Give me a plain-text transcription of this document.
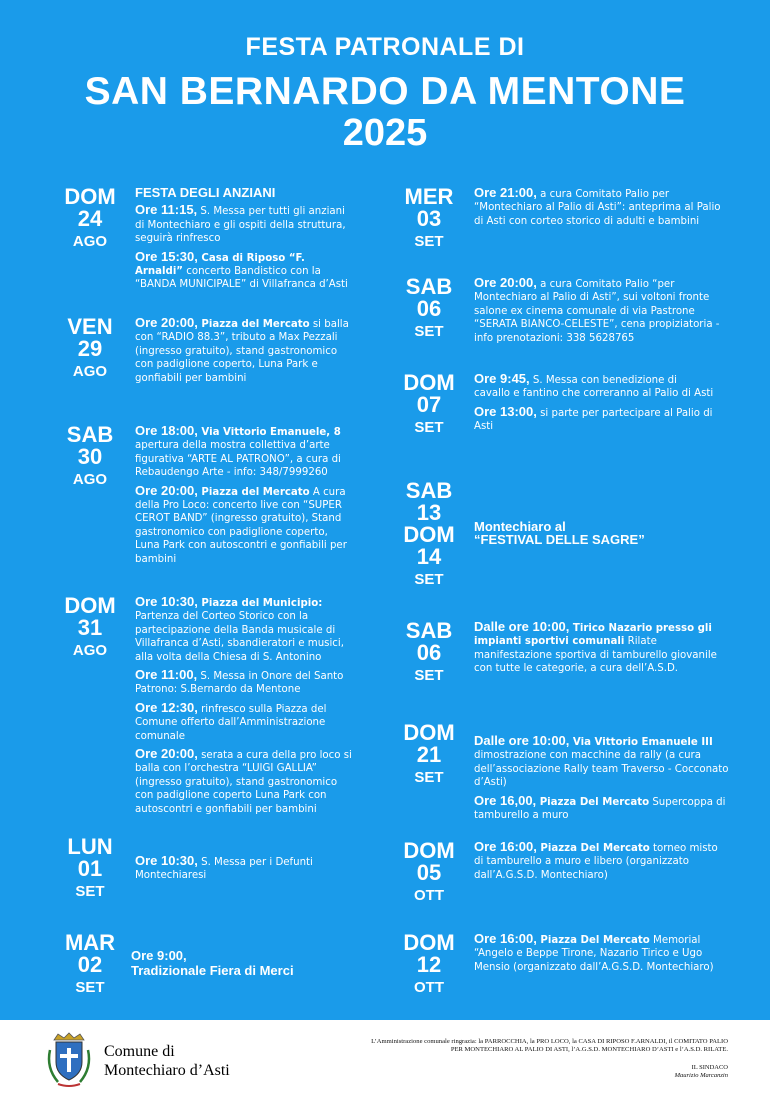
FESTA PATRONALE DI
SAN BERNARDO DA MENTONE
2025
DOM
24
AGO

FESTA DEGLI ANZIANI

Ore 11:15, S. Messa per tutti gli anziani di Montechiaro e gli ospiti della struttura, seguirà rinfresco

Ore 15:30, Casa di Riposo “F. Arnaldi” concerto Bandistico con la “BANDA MUNICIPALE” di Villafranca d’Asti

VEN
29
AGO

Ore 20:00, Piazza del Mercato si balla con “RADIO 88.3”, tributo a Max Pezzali (ingresso gratuito), stand gastronomico con padiglione coperto, Luna Park e gonfiabili per bambini

SAB
30
AGO

Ore 18:00, Via Vittorio Emanuele, 8 apertura della mostra collettiva d’arte figurativa “ARTE AL PATRONO”, a cura di Rebaudengo Arte - info: 348/7999260

Ore 20:00, Piazza del Mercato A cura della Pro Loco: concerto live con “SUPER CEROT BAND” (ingresso gratuito), Stand gastronomico con padiglione coperto, Luna Park con autoscontri e gonfiabili per bambini

DOM
31
AGO

Ore 10:30, Piazza del Municipio: Partenza del Corteo Storico con la partecipazione della Banda musicale di Villafranca d’Asti, sbandieratori e musici, alla volta della Chiesa di S. Antonino

Ore 11:00, S. Messa in Onore del Santo Patrono: S.Bernardo da Mentone

Ore 12:30, rinfresco sulla Piazza del Comune offerto dall’Amministrazione comunale

Ore 20:00, serata a cura della pro loco si balla con l’orchestra “LUIGI GALLIA” (ingresso gratuito), stand gastronomico con padiglione coperto Luna Park con autoscontri e gonfiabili per bambini

LUN
01
SET

Ore 10:30, S. Messa per i Defunti Montechiaresi

MAR
02
SET

Ore 9:00,

Tradizionale Fiera di Merci

MER
03
SET

Ore 21:00, a cura Comitato Palio per “Montechiaro al Palio di Asti”: anteprima al Palio di Asti con corteo storico di adulti e bambini

SAB
06
SET

Ore 20:00, a cura Comitato Palio “per Montechiaro al Palio di Asti”, sui voltoni fronte salone ex cinema comunale di via Pastrone “SERATA BIANCO-CELESTE”, cena propiziatoria - info prenotazioni: 338 5628765

DOM
07
SET

Ore 9:45, S. Messa con benedizione di cavallo e fantino che correranno al Palio di Asti

Ore 13:00, si parte per partecipare al Palio di Asti

SAB
13
DOM
14
SET

Montechiaro al

“FESTIVAL DELLE SAGRE”

SAB
06
SET

Dalle ore 10:00, Tirico Nazario presso gli impianti sportivi comunali Rilate manifestazione sportiva di tamburello giovanile con tutte le categorie, a cura dell’A.S.D.

DOM
21
SET

Dalle ore 10:00, Via Vittorio Emanuele III dimostrazione con macchine da rally (a cura dell’associazione Rally team Traverso - Cocconato d’Asti)

Ore 16,00, Piazza Del Mercato Supercoppa di tamburello a muro

DOM
05
OTT

Ore 16:00, Piazza Del Mercato torneo misto di tamburello a muro e libero (organizzato dall’A.G.S.D. Montechiaro)

DOM
12
OTT

Ore 16:00, Piazza Del Mercato Memorial “Angelo e Beppe Tirone, Nazario Tirico e Ugo Mensio (organizzato dall’A.G.S.D. Montechiaro)

Comune di
Montechiaro d’Asti
L’Amministrazione comunale ringrazia: la PARROCCHIA, la PRO LOCO, la CASA DI RIPOSO F.ARNALDI, il COMITATO PALIO
PER MONTECHIARO AL PALIO DI ASTI, l’A.G.S.D. MONTECHIARO D’ASTI e l’A.S.D. RILATE.
IL SINDACO
Maurizio Marcanzin
